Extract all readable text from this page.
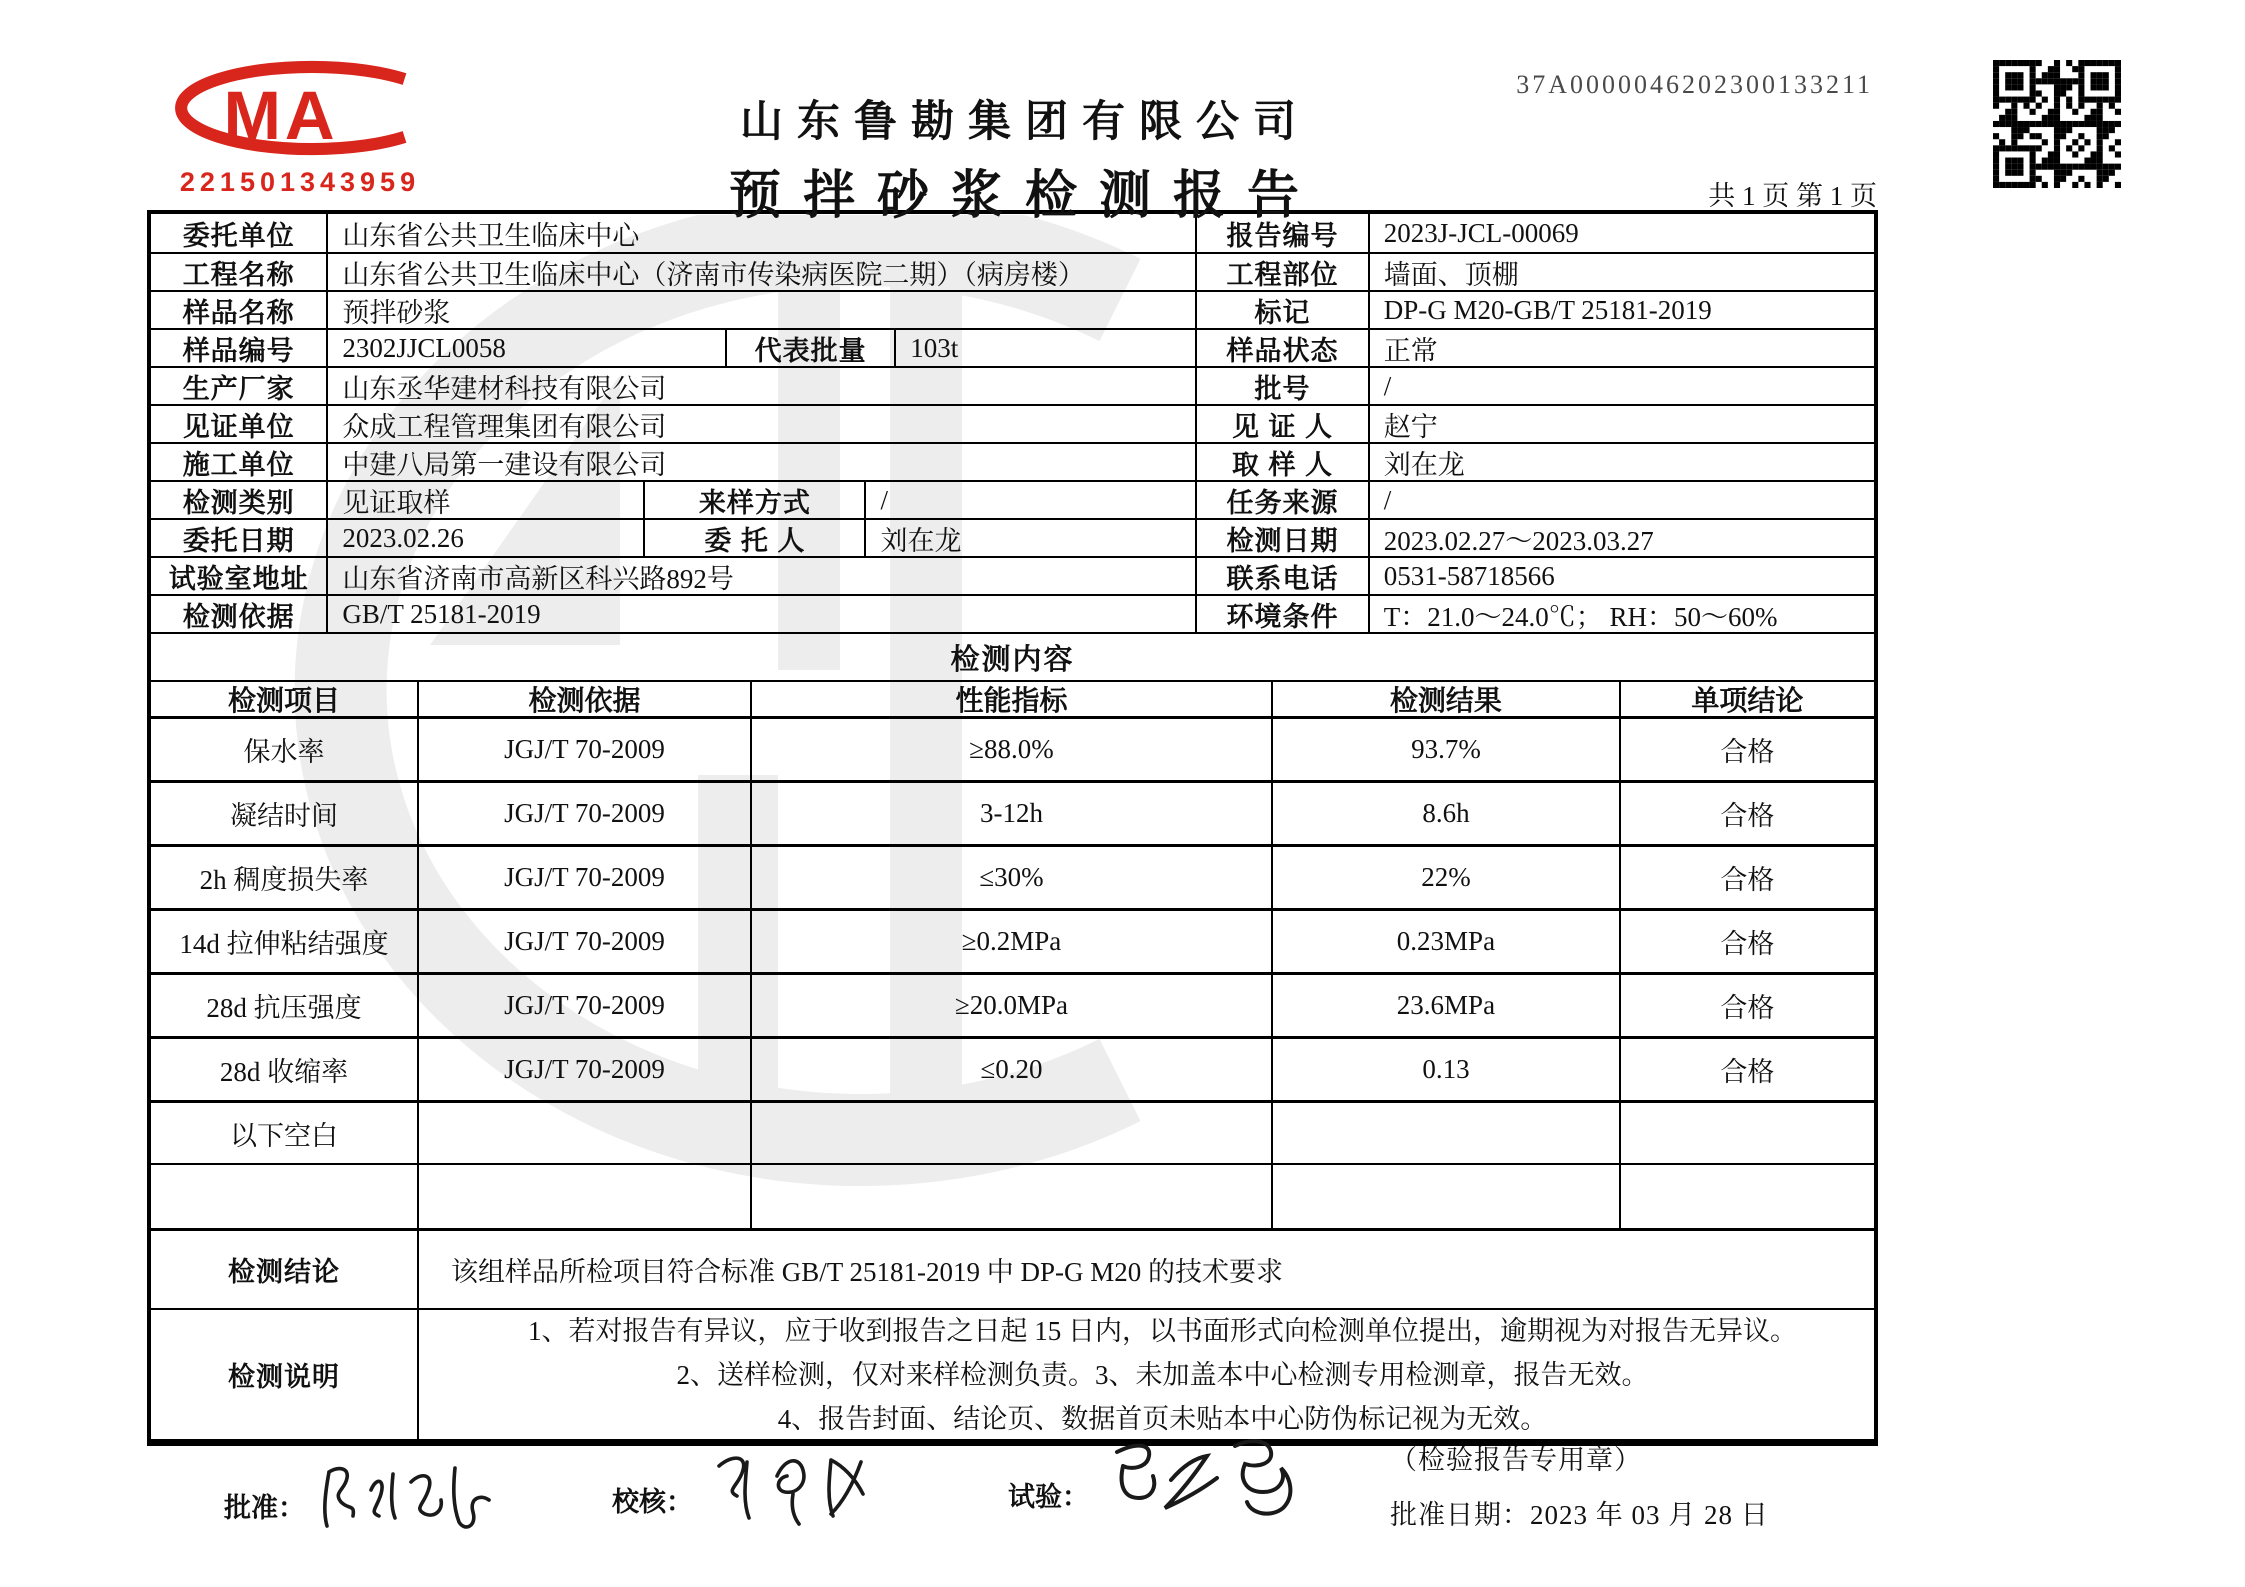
MA
221501343959
山东鲁勘集团有限公司
预拌砂浆检测报告
37A0000046202300133211
共 1 页 第 1 页
委托单位	山东省公共卫生临床中心	报告编号	2023J-JCL-00069
工程名称	山东省公共卫生临床中心（济南市传染病医院二期）（病房楼）	工程部位	墙面、顶棚
样品名称	预拌砂浆	标记	DP-G M20-GB/T 25181-2019
样品编号	2302JJCL0058	代表批量	103t	样品状态	正常
生产厂家	山东丞华建材科技有限公司	批号	/
见证单位	众成工程管理集团有限公司	见 证 人	赵宁
施工单位	中建八局第一建设有限公司	取 样 人	刘在龙
检测类别	见证取样	来样方式	/	任务来源	/
委托日期	2023.02.26	委 托 人	刘在龙	检测日期	2023.02.27～2023.03.27
试验室地址	山东省济南市高新区科兴路892号	联系电话	0531-58718566
检测依据	GB/T 25181-2019	环境条件	T：21.0～24.0℃； RH：50～60%
检测内容
检测项目	检测依据	性能指标	检测结果	单项结论
保水率	JGJ/T 70-2009	≥88.0%	93.7%	合格
凝结时间	JGJ/T 70-2009	3-12h	8.6h	合格
2h 稠度损失率	JGJ/T 70-2009	≤30%	22%	合格
14d 拉伸粘结强度	JGJ/T 70-2009	≥0.2MPa	0.23MPa	合格
28d 抗压强度	JGJ/T 70-2009	≥20.0MPa	23.6MPa	合格
28d 收缩率	JGJ/T 70-2009	≤0.20	0.13	合格
以下空白
检测结论	该组样品所检项目符合标准 GB/T 25181-2019 中 DP-G M20 的技术要求
检测说明
1、若对报告有异议，应于收到报告之日起 15 日内，以书面形式向检测单位提出，逾期视为对报告无异议。
2、送样检测，仅对来样检测负责。3、未加盖本中心检测专用检测章，报告无效。
4、报告封面、结论页、数据首页未贴本中心防伪标记视为无效。
批准：	校核：	试验：
（检验报告专用章）
批准日期：2023 年 03 月 28 日
